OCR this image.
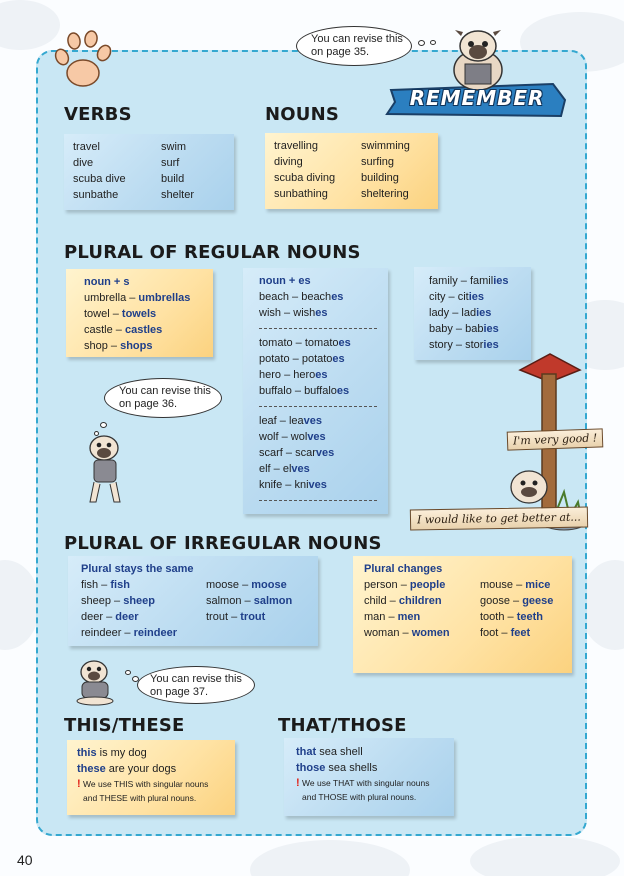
You can revise this
on page 35.
REMEMBER
VERBS	NOUNS
travel
dive
scuba dive
sunbathe
swim
surf
build
shelter
travelling
diving
scuba diving
sunbathing
swimming
surfing
building
sheltering
PLURAL OF REGULAR NOUNS
noun + s
umbrella – umbrellas
towel – towels
castle – castles
shop – shops
noun + es
beach – beaches
wish – wishes
tomato – tomatoes
potato – potatoes
hero – heroes
buffalo – buffaloes
leaf – leaves
wolf – wolves
scarf – scarves
elf – elves
knife – knives
family – families
city – cities
lady – ladies
baby – babies
story – stories
You can revise this
on page 36.
I'm very good !
I would like to get better at...
PLURAL OF IRREGULAR NOUNS
Plural stays the same
fish – fish
sheep – sheep
deer – deer
reindeer – reindeer
moose – moose
salmon – salmon
trout – trout
Plural changes
person – people
child – children
man – men
woman – women
mouse – mice
goose – geese
tooth – teeth
foot – feet
You can revise this
on page 37.
THIS/THESE
this is my dog
these are your dogs
! We use THIS with singular nouns
and THESE with plural nouns.
THAT/THOSE
that sea shell
those sea shells
! We use THAT with singular nouns
and THOSE with plural nouns.
40
